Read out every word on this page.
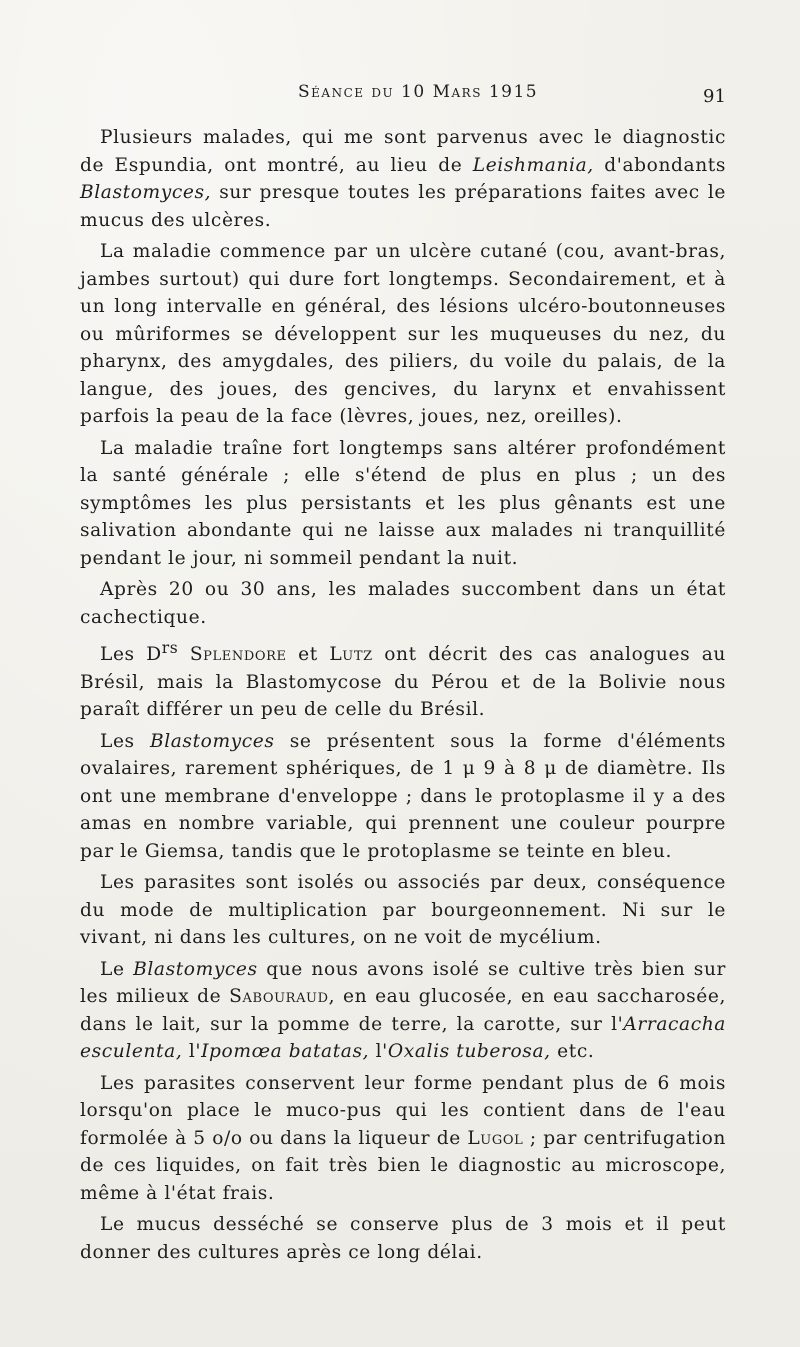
Séance du 10 Mars 1915	91

Plusieurs malades, qui me sont parvenus avec le diagnostic de Espundia, ont montré, au lieu de Leishmania, d'abondants Blastomyces, sur presque toutes les préparations faites avec le mucus des ulcères.

La maladie commence par un ulcère cutané (cou, avant-bras, jambes surtout) qui dure fort longtemps. Secondairement, et à un long intervalle en général, des lésions ulcéro-boutonneuses ou mûriformes se développent sur les muqueuses du nez, du pharynx, des amygdales, des piliers, du voile du palais, de la langue, des joues, des gencives, du larynx et envahissent parfois la peau de la face (lèvres, joues, nez, oreilles).

La maladie traîne fort longtemps sans altérer profondément la santé générale ; elle s'étend de plus en plus ; un des symptômes les plus persistants et les plus gênants est une salivation abondante qui ne laisse aux malades ni tranquillité pendant le jour, ni sommeil pendant la nuit.

Après 20 ou 30 ans, les malades succombent dans un état cachectique.

Les $D^{rs}$ Splendore et Lutz ont décrit des cas analogues au Brésil, mais la Blastomycose du Pérou et de la Bolivie nous paraît différer un peu de celle du Brésil.

Les Blastomyces se présentent sous la forme d'éléments ovalaires, rarement sphériques, de 1 μ 9 à 8 μ de diamètre. Ils ont une membrane d'enveloppe ; dans le protoplasme il y a des amas en nombre variable, qui prennent une couleur pourpre par le Giemsa, tandis que le protoplasme se teinte en bleu.

Les parasites sont isolés ou associés par deux, conséquence du mode de multiplication par bourgeonnement. Ni sur le vivant, ni dans les cultures, on ne voit de mycélium.

Le Blastomyces que nous avons isolé se cultive très bien sur les milieux de Sabouraud, en eau glucosée, en eau saccharosée, dans le lait, sur la pomme de terre, la carotte, sur l'Arracacha esculenta, l'Ipomœa batatas, l'Oxalis tuberosa, etc.

Les parasites conservent leur forme pendant plus de 6 mois lorsqu'on place le muco-pus qui les contient dans de l'eau formolée à 5 o/o ou dans la liqueur de Lugol ; par centrifugation de ces liquides, on fait très bien le diagnostic au microscope, même à l'état frais.

Le mucus desséché se conserve plus de 3 mois et il peut donner des cultures après ce long délai.
